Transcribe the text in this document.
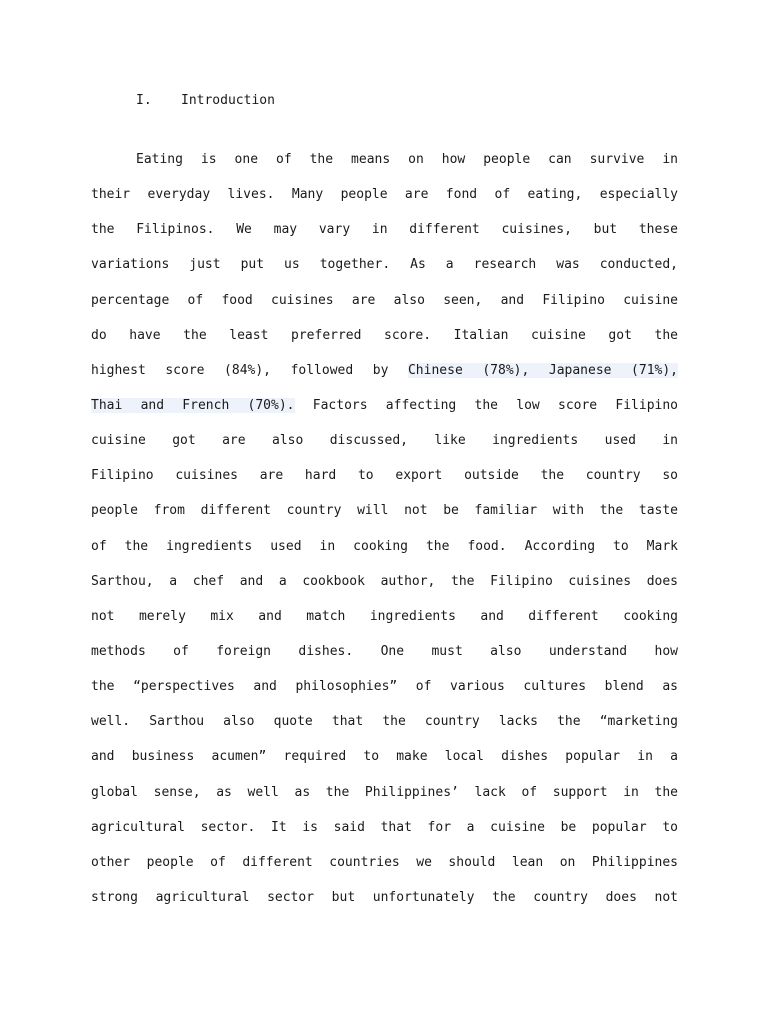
I. Introduction
Eating is one of the means on how people can survive in
their everyday lives. Many people are fond of eating, especially
the Filipinos. We may vary in different cuisines, but these
variations just put us together. As a research was conducted,
percentage of food cuisines are also seen, and Filipino cuisine
do have the least preferred score. Italian cuisine got the
highest score (84%), followed by Chinese (78%), Japanese (71%),
Thai and French (70%). Factors affecting the low score Filipino
cuisine got are also discussed, like ingredients used in
Filipino cuisines are hard to export outside the country so
people from different country will not be familiar with the taste
of the ingredients used in cooking the food. According to Mark
Sarthou, a chef and a cookbook author, the Filipino cuisines does
not merely mix and match ingredients and different cooking
methods of foreign dishes. One must also understand how
the “perspectives and philosophies” of various cultures blend as
well. Sarthou also quote that the country lacks the “marketing
and business acumen” required to make local dishes popular in a
global sense, as well as the Philippines’ lack of support in the
agricultural sector. It is said that for a cuisine be popular to
other people of different countries we should lean on Philippines
strong agricultural sector but unfortunately the country does not
